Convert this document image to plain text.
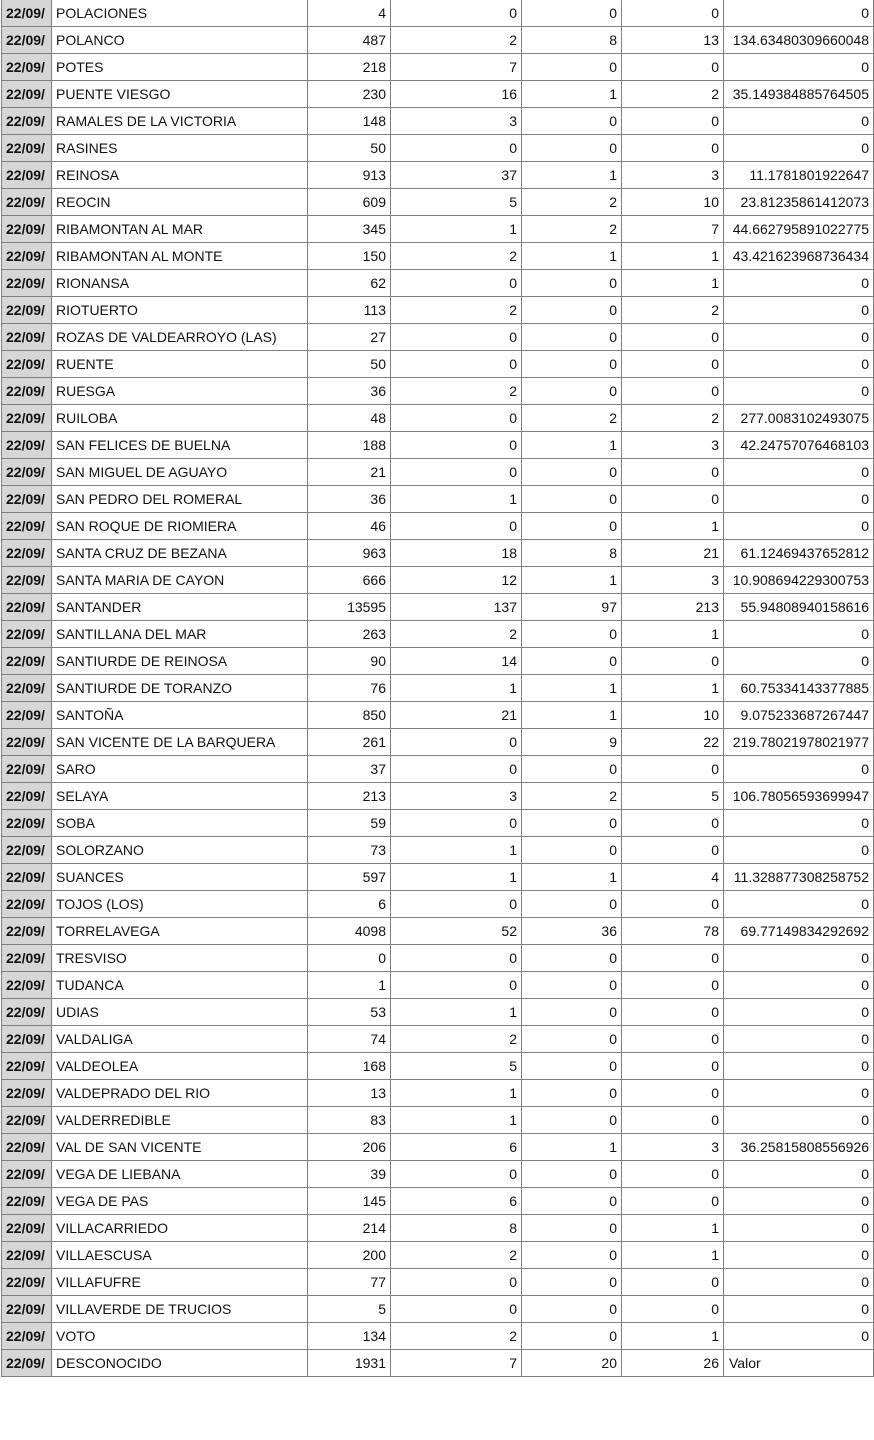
22/09/	POLACIONES	4	0	0	0	0
22/09/	POLANCO	487	2	8	13	134.63480309660048
22/09/	POTES	218	7	0	0	0
22/09/	PUENTE VIESGO	230	16	1	2	35.149384885764505
22/09/	RAMALES DE LA VICTORIA	148	3	0	0	0
22/09/	RASINES	50	0	0	0	0
22/09/	REINOSA	913	37	1	3	11.1781801922647
22/09/	REOCIN	609	5	2	10	23.81235861412073
22/09/	RIBAMONTAN AL MAR	345	1	2	7	44.662795891022775
22/09/	RIBAMONTAN AL MONTE	150	2	1	1	43.421623968736434
22/09/	RIONANSA	62	0	0	1	0
22/09/	RIOTUERTO	113	2	0	2	0
22/09/	ROZAS DE VALDEARROYO (LAS)	27	0	0	0	0
22/09/	RUENTE	50	0	0	0	0
22/09/	RUESGA	36	2	0	0	0
22/09/	RUILOBA	48	0	2	2	277.0083102493075
22/09/	SAN FELICES DE BUELNA	188	0	1	3	42.24757076468103
22/09/	SAN MIGUEL DE AGUAYO	21	0	0	0	0
22/09/	SAN PEDRO DEL ROMERAL	36	1	0	0	0
22/09/	SAN ROQUE DE RIOMIERA	46	0	0	1	0
22/09/	SANTA CRUZ DE BEZANA	963	18	8	21	61.12469437652812
22/09/	SANTA MARIA DE CAYON	666	12	1	3	10.908694229300753
22/09/	SANTANDER	13595	137	97	213	55.94808940158616
22/09/	SANTILLANA DEL MAR	263	2	0	1	0
22/09/	SANTIURDE DE REINOSA	90	14	0	0	0
22/09/	SANTIURDE DE TORANZO	76	1	1	1	60.75334143377885
22/09/	SANTOÑA	850	21	1	10	9.075233687267447
22/09/	SAN VICENTE DE LA BARQUERA	261	0	9	22	219.78021978021977
22/09/	SARO	37	0	0	0	0
22/09/	SELAYA	213	3	2	5	106.78056593699947
22/09/	SOBA	59	0	0	0	0
22/09/	SOLORZANO	73	1	0	0	0
22/09/	SUANCES	597	1	1	4	11.328877308258752
22/09/	TOJOS (LOS)	6	0	0	0	0
22/09/	TORRELAVEGA	4098	52	36	78	69.77149834292692
22/09/	TRESVISO	0	0	0	0	0
22/09/	TUDANCA	1	0	0	0	0
22/09/	UDIAS	53	1	0	0	0
22/09/	VALDALIGA	74	2	0	0	0
22/09/	VALDEOLEA	168	5	0	0	0
22/09/	VALDEPRADO DEL RIO	13	1	0	0	0
22/09/	VALDERREDIBLE	83	1	0	0	0
22/09/	VAL DE SAN VICENTE	206	6	1	3	36.25815808556926
22/09/	VEGA DE LIEBANA	39	0	0	0	0
22/09/	VEGA DE PAS	145	6	0	0	0
22/09/	VILLACARRIEDO	214	8	0	1	0
22/09/	VILLAESCUSA	200	2	0	1	0
22/09/	VILLAFUFRE	77	0	0	0	0
22/09/	VILLAVERDE DE TRUCIOS	5	0	0	0	0
22/09/	VOTO	134	2	0	1	0
22/09/	DESCONOCIDO	1931	7	20	26	Valor
